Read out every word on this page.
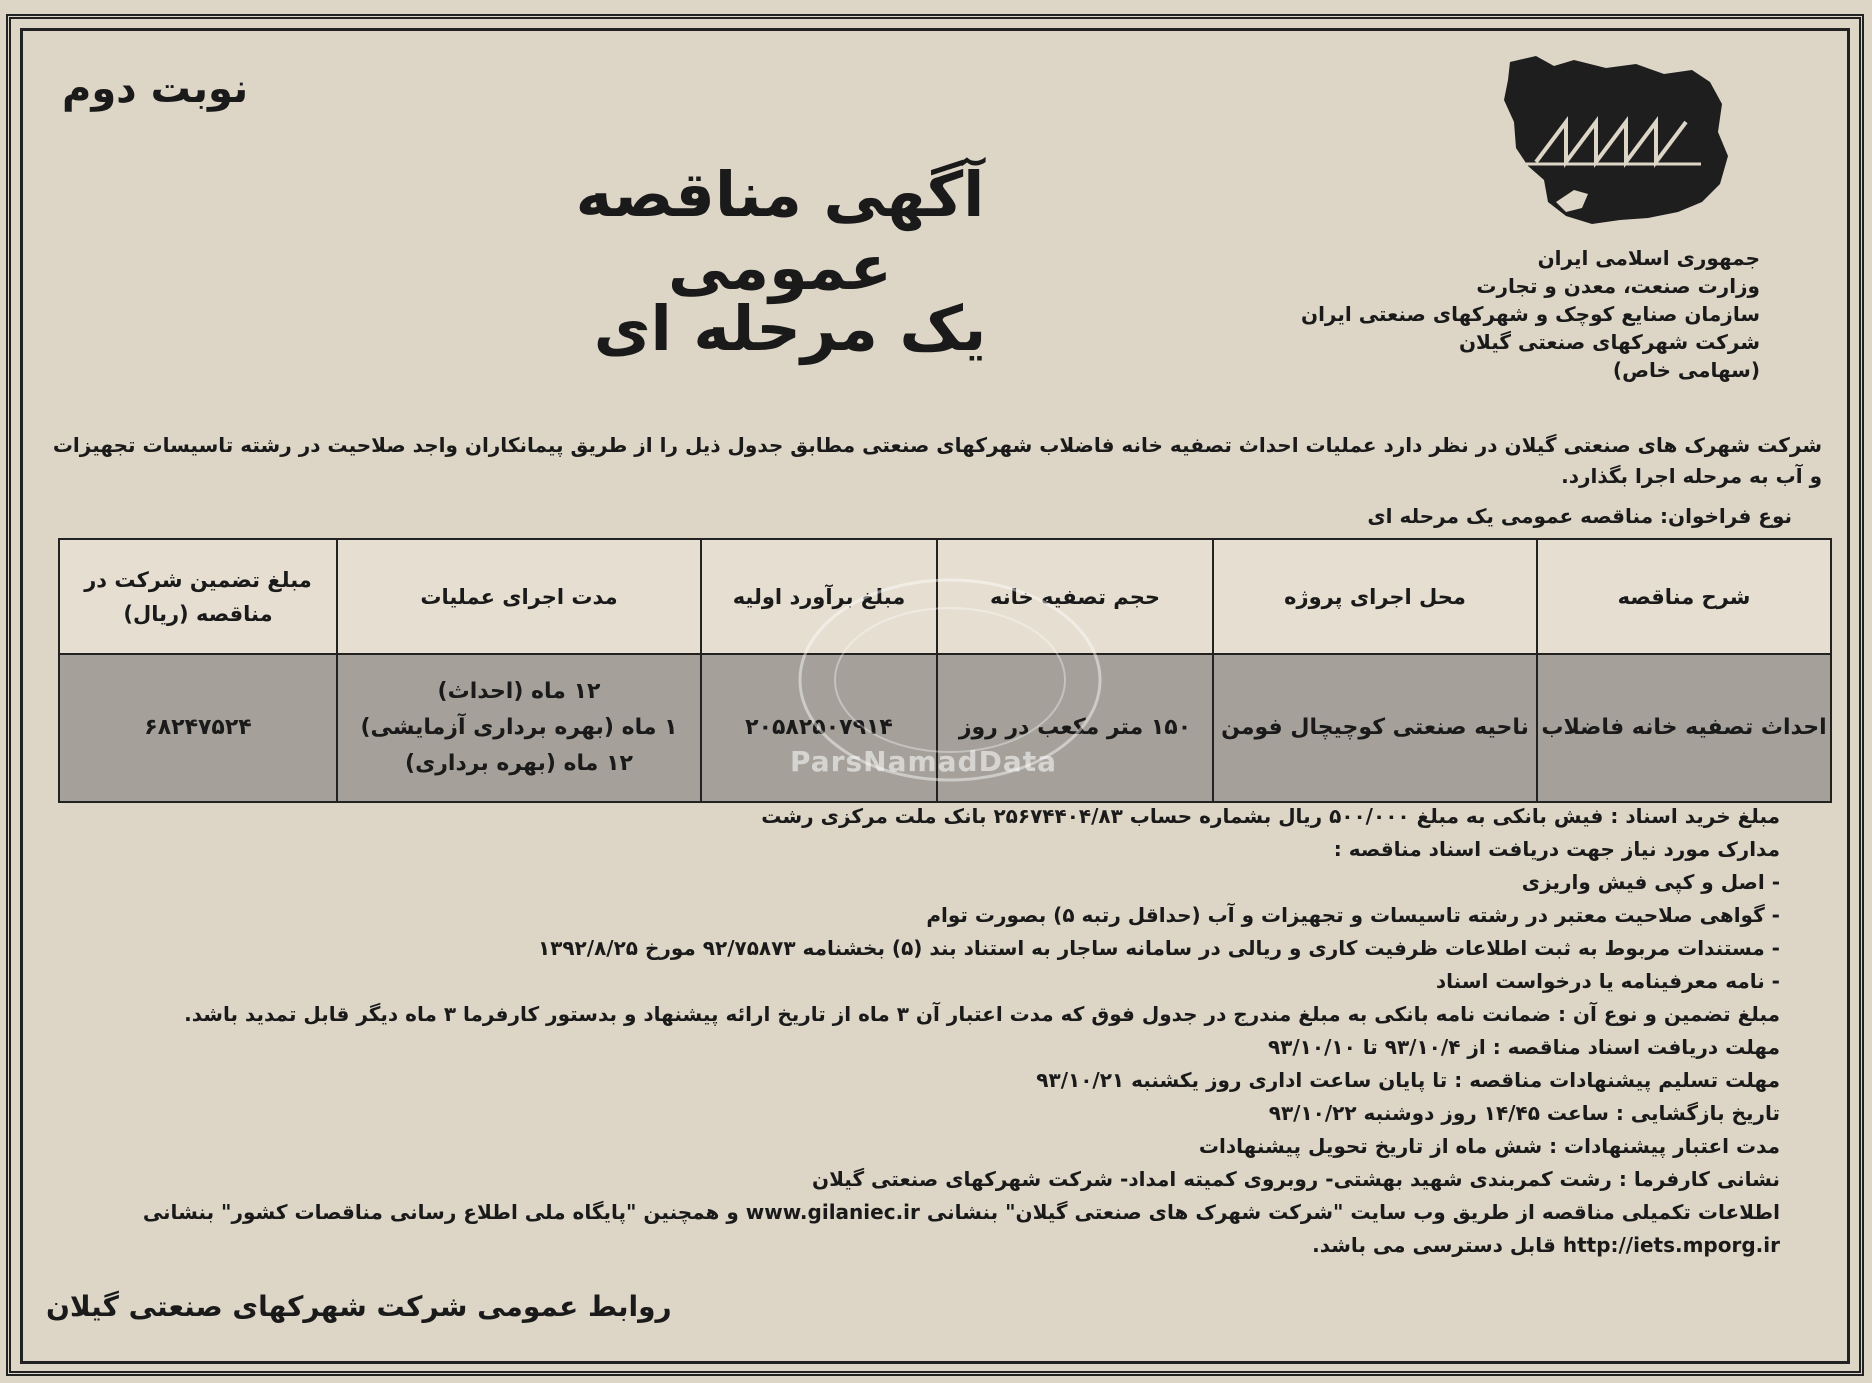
نوبت دوم
آگهی مناقصه عمومی
یک مرحله ای
جمهوری اسلامی ایران
وزارت صنعت، معدن و تجارت
سازمان صنایع کوچک و شهرکهای صنعتی ایران
شرکت شهرکهای صنعتی گیلان
(سهامی خاص)
شرکت شهرک های صنعتی گیلان در نظر دارد عملیات احداث تصفیه خانه فاضلاب شهرکهای صنعتی مطابق جدول ذیل را از طریق پیمانکاران واجد صلاحیت در رشته تاسیسات تجهیزات و آب به مرحله اجرا بگذارد.
نوع فراخوان: مناقصه عمومی یک مرحله ای
شرح مناقصه	محل اجرای پروژه	حجم تصفیه خانه	مبلغ برآورد اولیه	مدت اجرای عملیات	مبلغ تضمین شرکت در مناقصه (ریال)
احداث تصفیه خانه فاضلاب	ناحیه صنعتی کوچیچال فومن	۱۵۰ متر مکعب در روز	۲۰۵۸۲۵۰۷۹۱۴	۱۲ ماه (احداث)
۱ ماه (بهره برداری آزمایشی)
۱۲ ماه (بهره برداری)	۶۸۲۴۷۵۲۴
ParsNamadData
مبلغ خرید اسناد : فیش بانکی به مبلغ ۵۰۰/۰۰۰ ریال بشماره حساب ۲۵۶۷۴۴۰۴/۸۳ بانک ملت مرکزی رشت
مدارک مورد نیاز جهت دریافت اسناد مناقصه :
- اصل و کپی فیش واریزی
- گواهی صلاحیت معتبر در رشته تاسیسات و تجهیزات و آب (حداقل رتبه ۵) بصورت توام
- مستندات مربوط به ثبت اطلاعات ظرفیت کاری و ریالی در سامانه ساجار به استناد بند (۵) بخشنامه ۹۲/۷۵۸۷۳ مورخ ۱۳۹۲/۸/۲۵
- نامه معرفینامه یا درخواست اسناد
مبلغ تضمین و نوع آن : ضمانت نامه بانکی به مبلغ مندرج در جدول فوق که مدت اعتبار آن ۳ ماه از تاریخ ارائه پیشنهاد و بدستور کارفرما ۳ ماه دیگر قابل تمدید باشد.
مهلت دریافت اسناد مناقصه : از ۹۳/۱۰/۴ تا ۹۳/۱۰/۱۰
مهلت تسلیم پیشنهادات مناقصه : تا پایان ساعت اداری روز یکشنبه ۹۳/۱۰/۲۱
تاریخ بازگشایی : ساعت ۱۴/۴۵ روز دوشنبه ۹۳/۱۰/۲۲
مدت اعتبار پیشنهادات : شش ماه از تاریخ تحویل پیشنهادات
نشانی کارفرما : رشت کمربندی شهید بهشتی- روبروی کمیته امداد- شرکت شهرکهای صنعتی گیلان
اطلاعات تکمیلی مناقصه از طریق وب سایت "شرکت شهرک های صنعتی گیلان" بنشانی www.gilaniec.ir و همچنین "پایگاه ملی اطلاع رسانی مناقصات کشور" بنشانی http://iets.mporg.ir قابل دسترسی می باشد.
روابط عمومی شرکت شهرکهای صنعتی گیلان
